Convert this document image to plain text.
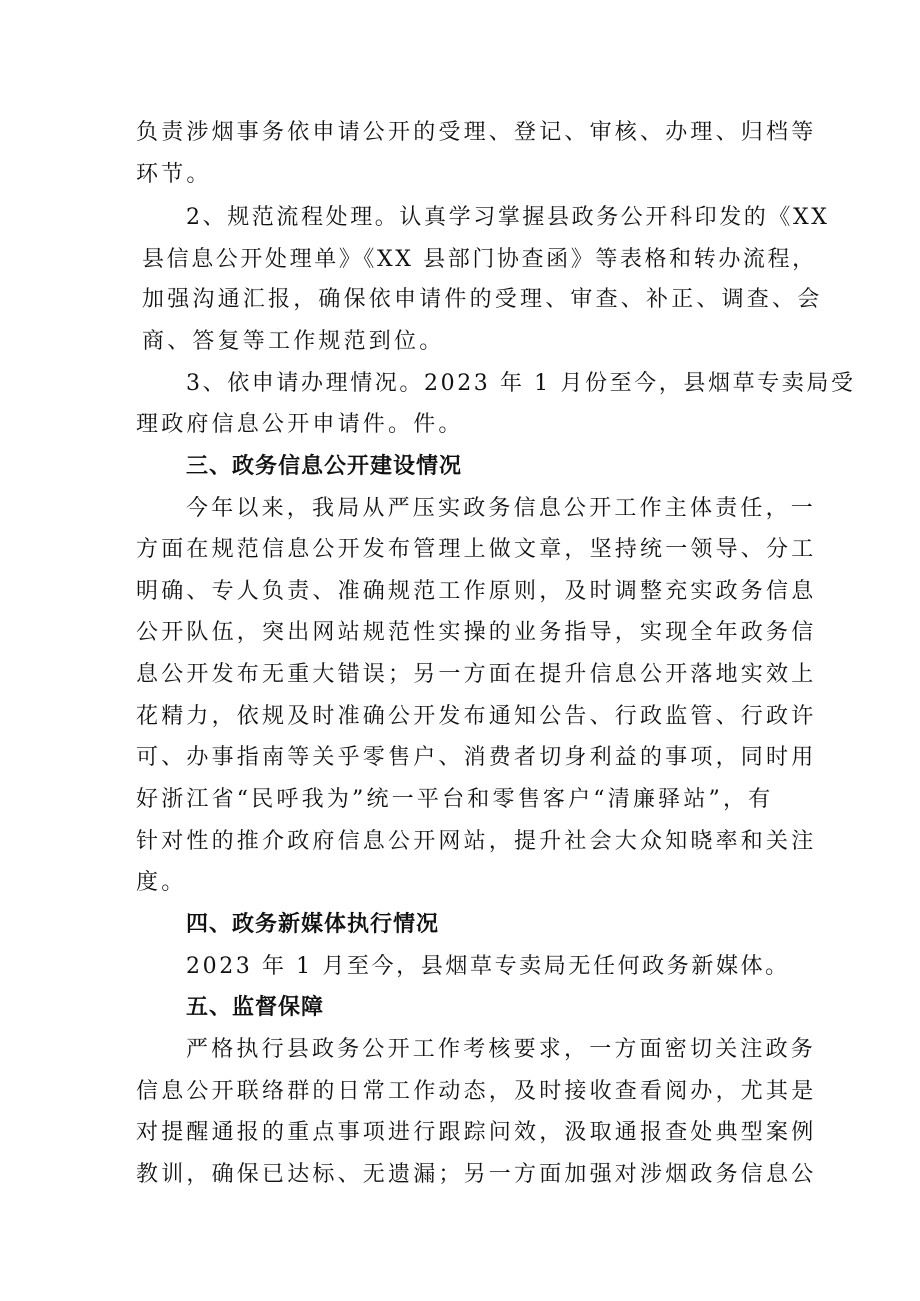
负责涉烟事务依申请公开的受理、登记、审核、办理、归档等
环节。
2、规范流程处理。认真学习掌握县政务公开科印发的《XX
县信息公开处理单》《XX 县部门协查函》等表格和转办流程，
加强沟通汇报，确保依申请件的受理、审查、补正、调查、会
商、答复等工作规范到位。
3、依申请办理情况。2023 年 1 月份至今，县烟草专卖局受
理政府信息公开申请件。件。
三、政务信息公开建设情况
今年以来，我局从严压实政务信息公开工作主体责任，一
方面在规范信息公开发布管理上做文章，坚持统一领导、分工
明确、专人负责、准确规范工作原则，及时调整充实政务信息
公开队伍，突出网站规范性实操的业务指导，实现全年政务信
息公开发布无重大错误；另一方面在提升信息公开落地实效上
花精力，依规及时准确公开发布通知公告、行政监管、行政许
可、办事指南等关乎零售户、消费者切身利益的事项，同时用
好浙江省“民呼我为”统一平台和零售客户“清廉驿站”，有
针对性的推介政府信息公开网站，提升社会大众知晓率和关注
度。
四、政务新媒体执行情况
2023 年 1 月至今，县烟草专卖局无任何政务新媒体。
五、监督保障
严格执行县政务公开工作考核要求，一方面密切关注政务
信息公开联络群的日常工作动态，及时接收查看阅办，尤其是
对提醒通报的重点事项进行跟踪问效，汲取通报查处典型案例
教训，确保已达标、无遗漏；另一方面加强对涉烟政务信息公
